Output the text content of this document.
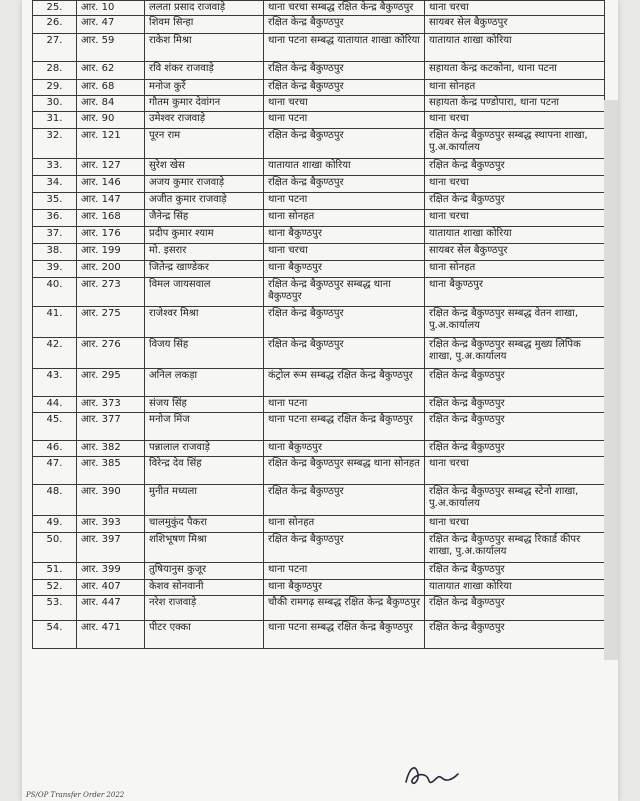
25.	आर. 10	ललता प्रसाद राजवाड़े	थाना चरचा सम्बद्ध रक्षित केन्द्र बैकुण्ठपुर	थाना चरचा
26.	आर. 47	शिवम सिन्हा	रक्षित केन्द्र बैकुण्ठपुर	सायबर सेल बैकुण्ठपुर
27.	आर. 59	राकेश मिश्रा	थाना पटना सम्बद्ध यातायात शाखा कोरिया	यातायात शाखा कोरिया
28.	आर. 62	रवि शंकर राजवाड़े	रक्षित केन्द्र बैकुण्ठपुर	सहायता केन्द्र कटकोना, थाना पटना
29.	आर. 68	मनोज कुर्रे	रक्षित केन्द्र बैकुण्ठपुर	थाना सोनहत
30.	आर. 84	गौतम कुमार देवांगन	थाना चरचा	सहायता केन्द्र पण्डोपारा, थाना पटना
31.	आर. 90	उमेश्वर राजवाड़े	थाना पटना	थाना चरचा
32.	आर. 121	पूरन राम	रक्षित केन्द्र बैकुण्ठपुर	रक्षित केन्द्र बैकुण्ठपुर सम्बद्ध स्थापना शाखा, पु.अ.कार्यालय
33.	आर. 127	सुरेश खेस	यातायात शाखा कोरिया	रक्षित केन्द्र बैकुण्ठपुर
34.	आर. 146	अजय कुमार राजवाड़े	रक्षित केन्द्र बैकुण्ठपुर	थाना चरचा
35.	आर. 147	अजीत कुमार राजवाड़े	थाना पटना	रक्षित केन्द्र बैकुण्ठपुर
36.	आर. 168	जैनेन्द्र सिंह	थाना सोनहत	थाना चरचा
37.	आर. 176	प्रदीप कुमार श्याम	थाना बैकुण्ठपुर	यातायात शाखा कोरिया
38.	आर. 199	मो. इसरार	थाना चरचा	सायबर सेल बैकुण्ठपुर
39.	आर. 200	जितेन्द्र खाण्डेकर	थाना बैकुण्ठपुर	थाना सोनहत
40.	आर. 273	विमल जायसवाल	रक्षित केन्द्र बैकुण्ठपुर सम्बद्ध थाना बैकुण्ठपुर	थाना बैकुण्ठपुर
41.	आर. 275	राजेश्वर मिश्रा	रक्षित केन्द्र बैकुण्ठपुर	रक्षित केन्द्र बैकुण्ठपुर सम्बद्ध वेतन शाखा, पु.अ.कार्यालय
42.	आर. 276	विजय सिंह	रक्षित केन्द्र बैकुण्ठपुर	रक्षित केन्द्र बैकुण्ठपुर सम्बद्ध मुख्य लिपिक शाखा, पु.अ.कार्यालय
43.	आर. 295	अनिल लकड़ा	कंट्रोल रूम सम्बद्ध रक्षित केन्द्र बैकुण्ठपुर	रक्षित केन्द्र बैकुण्ठपुर
44.	आर. 373	संजय सिंह	थाना पटना	रक्षित केन्द्र बैकुण्ठपुर
45.	आर. 377	मनोज मिंज	थाना पटना सम्बद्ध रक्षित केन्द्र बैकुण्ठपुर	रक्षित केन्द्र बैकुण्ठपुर
46.	आर. 382	पन्नालाल राजवाड़े	थाना बैकुण्ठपुर	रक्षित केन्द्र बैकुण्ठपुर
47.	आर. 385	विरेन्द्र देव सिंह	रक्षित केन्द्र बैकुण्ठपुर सम्बद्ध थाना सोनहत	थाना चरचा
48.	आर. 390	मुनीत मध्यला	रक्षित केन्द्र बैकुण्ठपुर	रक्षित केन्द्र बैकुण्ठपुर सम्बद्ध स्टेनो शाखा, पु.अ.कार्यालय
49.	आर. 393	चालमुकुंद पैकरा	थाना सोनहत	थाना चरचा
50.	आर. 397	शशिभूषण मिश्रा	रक्षित केन्द्र बैकुण्ठपुर	रक्षित केन्द्र बैकुण्ठपुर सम्बद्ध रिकार्ड कीपर शाखा, पु.अ.कार्यालय
51.	आर. 399	तुषियानुस कुजूर	थाना पटना	रक्षित केन्द्र बैकुण्ठपुर
52.	आर. 407	केशव सोनवानी	थाना बैकुण्ठपुर	यातायात शाखा कोरिया
53.	आर. 447	नरेश राजवाड़े	चौकी रामगढ़ सम्बद्ध रक्षित केन्द्र बैकुण्ठपुर	रक्षित केन्द्र बैकुण्ठपुर
54.	आर. 471	पीटर एक्का	थाना पटना सम्बद्ध रक्षित केन्द्र बैकुण्ठपुर	रक्षित केन्द्र बैकुण्ठपुर
PS/OP Transfer Order 2022
